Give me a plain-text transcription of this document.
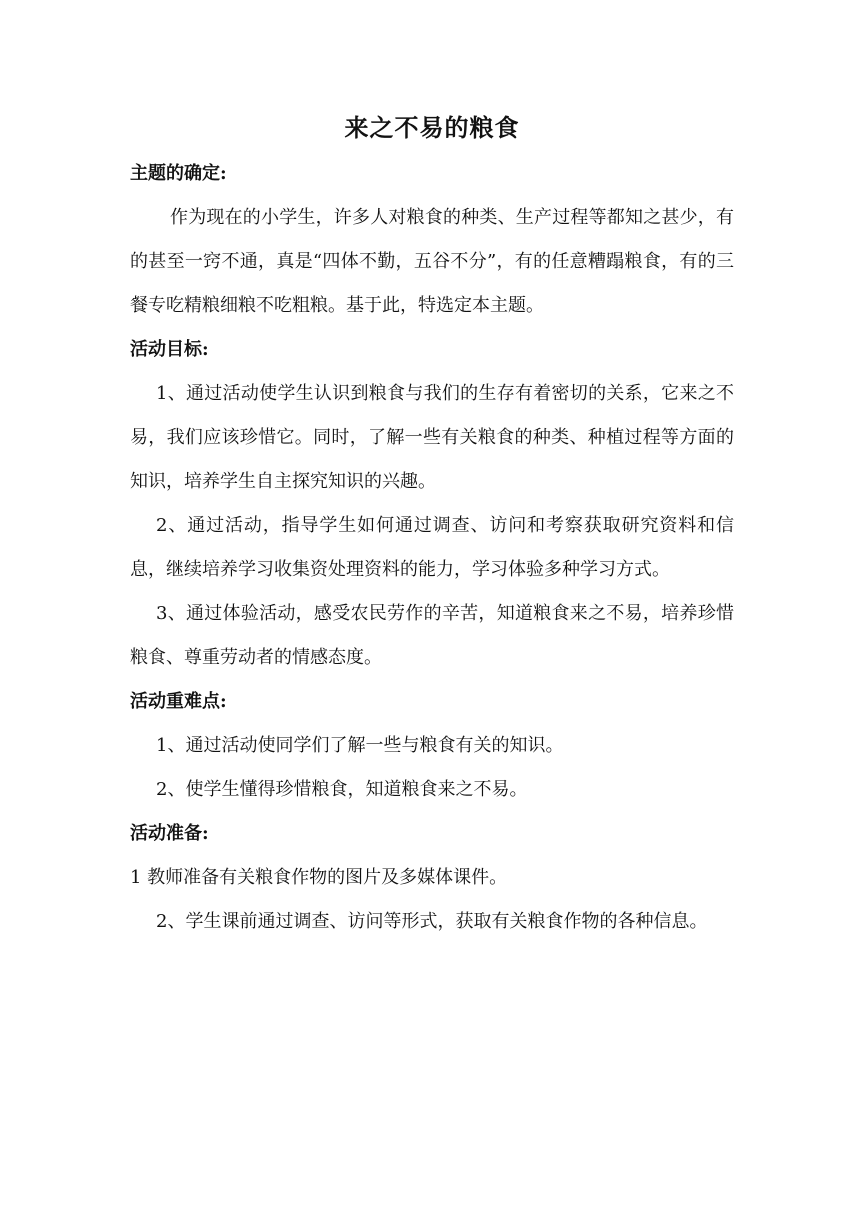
来之不易的粮食
主题的确定:

作为现在的小学生，许多人对粮食的种类、生产过程等都知之甚少，有的甚至一窍不通，真是“四体不勤，五谷不分”，有的任意糟蹋粮食，有的三餐专吃精粮细粮不吃粗粮。基于此，特选定本主题。

活动目标:

1、通过活动使学生认识到粮食与我们的生存有着密切的关系，它来之不易，我们应该珍惜它。同时，了解一些有关粮食的种类、种植过程等方面的知识，培养学生自主探究知识的兴趣。

2、通过活动，指导学生如何通过调查、访问和考察获取研究资料和信息，继续培养学习收集资处理资料的能力，学习体验多种学习方式。

3、通过体验活动，感受农民劳作的辛苦，知道粮食来之不易，培养珍惜粮食、尊重劳动者的情感态度。

活动重难点:

1、通过活动使同学们了解一些与粮食有关的知识。

2、使学生懂得珍惜粮食，知道粮食来之不易。

活动准备:

1 教师准备有关粮食作物的图片及多媒体课件。

2、学生课前通过调查、访问等形式，获取有关粮食作物的各种信息。
